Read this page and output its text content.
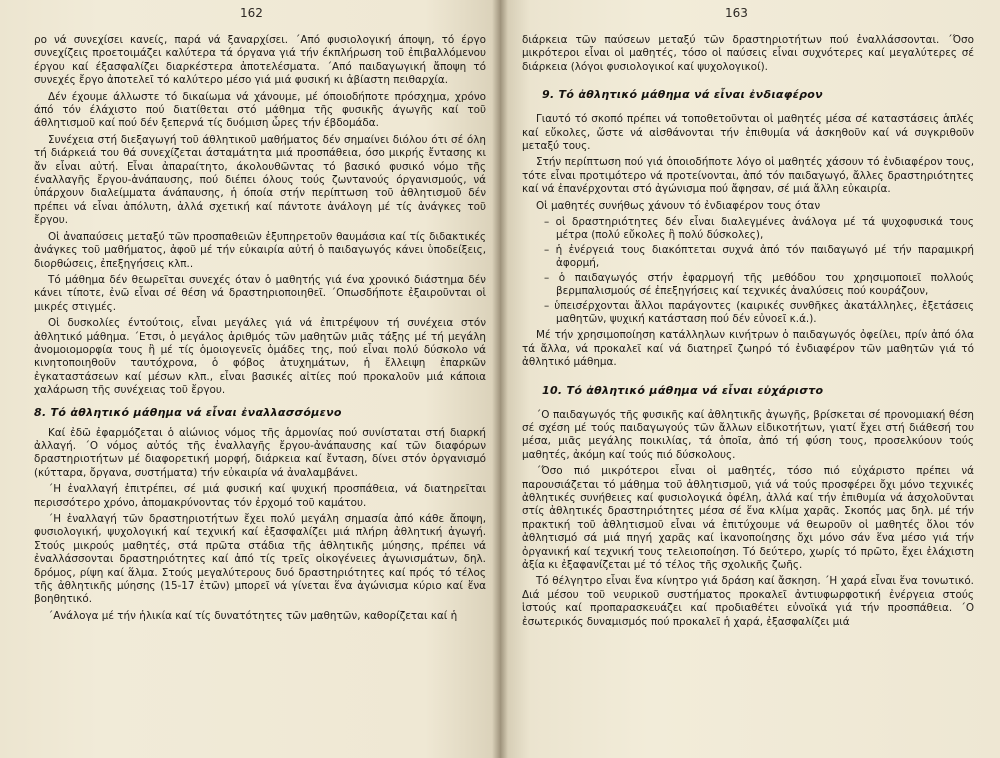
162

ρο νά συνεχίσει κανείς, παρά νά ξαναρχίσει. ΄Από φυσιολογική άποψη, τό έργο συνεχίζεις προετοιμάζει καλύτερα τά όργανα γιά τήν έκπλήρωση τοῦ ἐπιβαλλόμενου έργου καί έξασφαλίζει διαρκέστερα ἀποτελέσματα. ΄Από παιδαγωγική ἄποψη τό συνεχές ἔργο ἀποτελεῖ τό καλύτερο μέσο γιά μιά φυσική κι ἀβίαστη πειθαρχία.

Δέν έχουμε άλλωστε τό δικαίωμα νά χάνουμε, μέ όποιοδήποτε πρόσχημα, χρόνο άπό τόν έλάχιστο πού διατίθεται στό μάθημα τῆς φυσικῆς άγωγῆς καί τοῦ άθλητισμοῦ καί πού δέν ξεπερνά τίς δυόμιση ὧρες τήν έβδομάδα.

Συνέχεια στή διεξαγωγή τοῦ άθλητικοῦ μαθήματος δέν σημαίνει διόλου ότι σέ όλη τή διάρκειά του θά συνεχίζεται άσταμάτητα μιά προσπάθεια, όσο μικρής ἔντασης κι ἄν εἶναι αὐτή. Εἶναι ἀπαραίτητο, άκολουθῶντας τό βασικό φυσικό νόμο τῆς έναλλαγῆς ἔργου-ἀνάπαυσης, πού διέπει όλους τούς ζωντανούς όργανισμούς, νά ὑπάρχουν διαλείμματα άνάπαυσης, ἡ όποία στήν περίπτωση τοῦ ἀθλητισμοῦ δέν πρέπει νά εἶναι ἀπόλυτη, ἀλλά σχετική καί πάντοτε ἀνάλογη μέ τίς ἀνάγκες τοῦ ἔργου.

Οἱ ἀναπαύσεις μεταξύ τῶν προσπαθειῶν ἐξυπηρετοῦν θαυμάσια καί τίς διδακτικές ἀνάγκες τοῦ μαθήματος, ἀφοῦ μέ τήν εὐκαιρία αὐτή ὁ παιδαγωγός κάνει ὑποδείξεις, διορθώσεις, ἐπεξηγήσεις κλπ..

Τό μάθημα δέν θεωρεῖται συνεχές όταν ὁ μαθητής γιά ένα χρονικό διάστημα δέν κάνει τίποτε, ἐνῶ εἶναι σέ θέση νά δραστηριοποιηθεῖ. ΄Οπωσδήποτε ἐξαιροῦνται οἱ μικρές στιγμές.

Οἱ δυσκολίες έντούτοις, εἶναι μεγάλες γιά νά ἐπιτρέψουν τή συνέχεια στόν ἀθλητικό μάθημα. ΄Ετσι, ὁ μεγάλος ἀριθμός τῶν μαθητῶν μιᾶς τάξης μέ τή μεγάλη ἀνομοιομορφία τους ἢ μέ τίς ὁμοιογενεῖς ὁμάδες της, πού εἶναι πολύ δύσκολο νά κινητοποιηθοῦν ταυτόχρονα, ὁ φόβος ἀτυχημάτων, ἡ ἔλλειψη ἐπαρκῶν ἐγκαταστάσεων καί μέσων κλπ., εἶναι βασικές αἰτίες πού προκαλοῦν μιά κάποια χαλάρωση τῆς συνέχειας τοῦ ἔργου.

8. Τό ἀθλητικό μάθημα νά εἶναι ἐναλλασσόμενο

Καί ἐδῶ ἐφαρμόζεται ὁ αἰώνιος νόμος τῆς ἁρμονίας πού συνίσταται στή διαρκή ἀλλαγή. ΄Ο νόμος αὐτός τῆς ἐναλλαγῆς ἔργου-ἀνάπαυσης καί τῶν διαφόρων δραστηριοτήτων μέ διαφορετική μορφή, διάρκεια καί ἔνταση, δίνει στόν ὀργανισμό (κύτταρα, ὄργανα, συστήματα) τήν εὐκαιρία νά ἀναλαμβάνει.

΄Η ἐναλλαγή ἐπιτρέπει, σέ μιά φυσική καί ψυχική προσπάθεια, νά διατηρεῖται περισσότερο χρόνο, ἀπομακρύνοντας τόν ἐρχομό τοῦ καμάτου.

΄Η ἐναλλαγή τῶν δραστηριοτήτων ἔχει πολύ μεγάλη σημασία ἀπό κάθε ἄποψη, φυσιολογική, ψυχολογική καί τεχνική καί ἐξασφαλίζει μιά πλήρη ἀθλητική ἀγωγή. Στούς μικρούς μαθητές, στά πρῶτα στάδια τῆς ἀθλητικῆς μύησης, πρέπει νά ἐναλλάσσονται δραστηριότητες καί ἀπό τίς τρεῖς οἰκογένειες ἀγωνισμάτων, δηλ. δρόμος, ρίψη καί ἅλμα. Στούς μεγαλύτερους δυό δραστηριότητες καί πρός τό τέλος τῆς ἀθλητικῆς μύησης (15-17 ἐτῶν) μπορεῖ νά γίνεται ἕνα ἀγώνισμα κύριο καί ἕνα βοηθητικό.

΄Ανάλογα μέ τήν ἡλικία καί τίς δυνατότητες τῶν μαθητῶν, καθορίζεται καί ἡ

163

διάρκεια τῶν παύσεων μεταξύ τῶν δραστηριοτήτων πού ἐναλλάσσονται. ΄Όσο μικρότεροι εἶναι οἱ μαθητές, τόσο οἱ παύσεις εἶναι συχνότερες καί μεγαλύτερες σέ διάρκεια (λόγοι φυσιολογικοί καί ψυχολογικοί).

9. Τό ἀθλητικό μάθημα νά εἶναι ἐνδιαφέρον

Γιαυτό τό σκοπό πρέπει νά τοποθετοῦνται οἱ μαθητές μέσα σέ καταστάσεις ἁπλές καί εὔκολες, ὥστε νά αἰσθάνονται τήν ἐπιθυμία νά ἀσκηθοῦν καί νά συγκριθοῦν μεταξύ τους.

Στήν περίπτωση πού γιά ὁποιοδήποτε λόγο οἱ μαθητές χάσουν τό ἐνδιαφέρον τους, τότε εἶναι προτιμότερο νά προτείνονται, ἀπό τόν παιδαγωγό, ἄλλες δραστηριότητες καί νά ἐπανέρχονται στό ἀγώνισμα πού ἄφησαν, σέ μιά ἄλλη εὐκαιρία.

Οἱ μαθητές συνήθως χάνουν τό ἐνδιαφέρον τους όταν

– οἱ δραστηριότητες δέν εἶναι διαλεγμένες ἀνάλογα μέ τά ψυχοφυσικά τους μέτρα (πολύ εὔκολες ἢ πολύ δύσκολες),
– ἡ ἐνέργειά τους διακόπτεται συχνά ἀπό τόν παιδαγωγό μέ τήν παραμικρή ἀφορμή,
– ὁ παιδαγωγός στήν ἐφαρμογή τῆς μεθόδου του χρησιμοποιεῖ πολλούς βερμπαλισμούς σέ ἐπεξηγήσεις καί τεχνικές ἀναλύσεις πού κουράζουν,
– ὑπεισέρχονται ἄλλοι παράγοντες (καιρικές συνθῆκες ἀκατάλληλες, ἐξετάσεις μαθητῶν, ψυχική κατάσταση πού δέν εὐνοεῖ κ.ά.).

Μέ τήν χρησιμοποίηση κατάλληλων κινήτρων ὁ παιδαγωγός ὀφείλει, πρίν ἀπό όλα τά ἄλλα, νά προκαλεῖ καί νά διατηρεῖ ζωηρό τό ἐνδιαφέρον τῶν μαθητῶν γιά τό ἀθλητικό μάθημα.

10. Τό ἀθλητικό μάθημα νά εἶναι εὐχάριστο

΄Ο παιδαγωγός τῆς φυσικῆς καί ἀθλητικῆς ἀγωγῆς, βρίσκεται σέ προνομιακή θέση σέ σχέση μέ τούς παιδαγωγούς τῶν ἄλλων εἰδικοτήτων, γιατί ἔχει στή διάθεσή του μέσα, μιᾶς μεγάλης ποικιλίας, τά ὁποῖα, ἀπό τή φύση τους, προσελκύουν τούς μαθητές, ἀκόμη καί τούς πιό δύσκολους.

΄Όσο πιό μικρότεροι εἶναι οἱ μαθητές, τόσο πιό εὐχάριστο πρέπει νά παρουσιάζεται τό μάθημα τοῦ ἀθλητισμοῦ, γιά νά τούς προσφέρει ὄχι μόνο τεχνικές ἀθλητικές συνήθειες καί φυσιολογικά ὀφέλη, ἀλλά καί τήν ἐπιθυμία νά ἀσχολοῦνται στίς ἀθλητικές δραστηριότητες μέσα σέ ἕνα κλίμα χαρᾶς. Σκοπός μας δηλ. μέ τήν πρακτική τοῦ ἀθλητισμοῦ εἶναι νά ἐπιτύχουμε νά θεωροῦν οἱ μαθητές ὅλοι τόν ἀθλητισμό σά μιά πηγή χαρᾶς καί ἱκανοποίησης ὄχι μόνο σάν ἕνα μέσο γιά τήν ὀργανική καί τεχνική τους τελειοποίηση. Τό δεύτερο, χωρίς τό πρῶτο, ἔχει ἐλάχιστη ἀξία κι ἐξαφανίζεται μέ τό τέλος τῆς σχολικῆς ζωῆς.

Τό θέλγητρο εἶναι ἕνα κίνητρο γιά δράση καί ἄσκηση. ΄Η χαρά εἶναι ἕνα τονωτικό. Διά μέσου τοῦ νευρικοῦ συστήματος προκαλεῖ ἀντιυφωρφοτική ἐνέργεια στούς ἱστούς καί προπαρασκευάζει καί προδιαθέτει εὐνοϊκά γιά τήν προσπάθεια. ΄Ο ἐσωτερικός δυναμισμός πού προκαλεῖ ἡ χαρά, ἐξασφαλίζει μιά
